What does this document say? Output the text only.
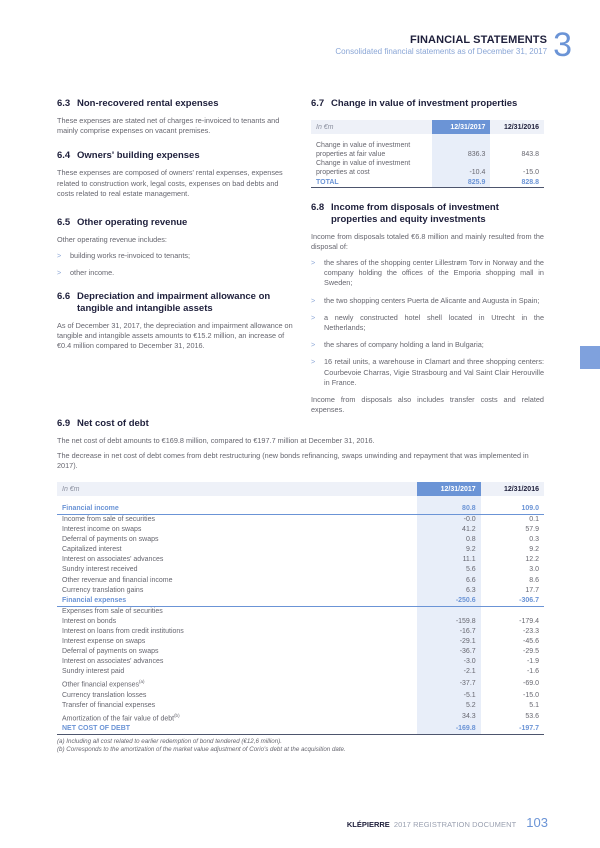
FINANCIAL STATEMENTS
Consolidated financial statements as of December 31, 2017 3
6.3 Non-recovered rental expenses

These expenses are stated net of charges re-invoiced to tenants and mainly comprise expenses on vacant premises.

6.4 Owners' building expenses

These expenses are composed of owners' rental expenses, expenses related to construction work, legal costs, expenses on bad debts and costs related to real estate management.

6.5 Other operating revenue

Other operating revenue includes:

>	building works re-invoiced to tenants;
>	other income.
6.6 Depreciation and impairment allowance on tangible and intangible assets

As of December 31, 2017, the depreciation and impairment allowance on tangible and intangible assets amounts to €15.2 million, an increase of €0.4 million compared to December 31, 2016.

6.7 Change in value of investment properties
In €m	12/31/2017	12/31/2016

Change in value of investment properties at fair value	836.3	843.8
Change in value of investment properties at cost	-10.4	-15.0
TOTAL	825.9	828.8
6.8 Income from disposals of investment properties and equity investments

Income from disposals totaled €6.8 million and mainly resulted from the disposal of:

>	the shares of the shopping center Lillestrøm Torv in Norway and the company holding the offices of the Emporia shopping mall in Sweden;
>	the two shopping centers Puerta de Alicante and Augusta in Spain;
>	a newly constructed hotel shell located in Utrecht in the Netherlands;
>	the shares of company holding a land in Bulgaria;
>	16 retail units, a warehouse in Clamart and three shopping centers: Courbevoie Charras, Vigie Strasbourg and Val Saint Clair Herouville in France.

Income from disposals also includes transfer costs and related expenses.

6.9 Net cost of debt

The net cost of debt amounts to €169.8 million, compared to €197.7 million at December 31, 2016.

The decrease in net cost of debt comes from debt restructuring (new bonds refinancing, swaps unwinding and repayment that was implemented in 2017).

In €m	12/31/2017	12/31/2016

Financial income	80.8	109.0
Income from sale of securities	-0.0	0.1
Interest income on swaps	41.2	57.9
Deferral of payments on swaps	0.8	0.3
Capitalized interest	9.2	9.2
Interest on associates' advances	11.1	12.2
Sundry interest received	5.6	3.0
Other revenue and financial income	6.6	8.6
Currency translation gains	6.3	17.7
Financial expenses	-250.6	-306.7
Expenses from sale of securities		
Interest on bonds	-159.8	-179.4
Interest on loans from credit institutions	-16.7	-23.3
Interest expense on swaps	-29.1	-45.6
Deferral of payments on swaps	-36.7	-29.5
Interest on associates' advances	-3.0	-1.9
Sundry interest paid	-2.1	-1.6
Other financial expenses$^{(a)}$	-37.7	-69.0
Currency translation losses	-5.1	-15.0
Transfer of financial expenses	5.2	5.1
Amortization of the fair value of debt$^{(b)}$	34.3	53.6
NET COST OF DEBT	-169.8	-197.7

(a) Including all cost related to earlier redemption of bond tendered (€12,6 million).

(b) Corresponds to the amortization of the market value adjustment of Corio's debt at the acquisition date.

KLÉPIERRE 2017 REGISTRATION DOCUMENT 103
